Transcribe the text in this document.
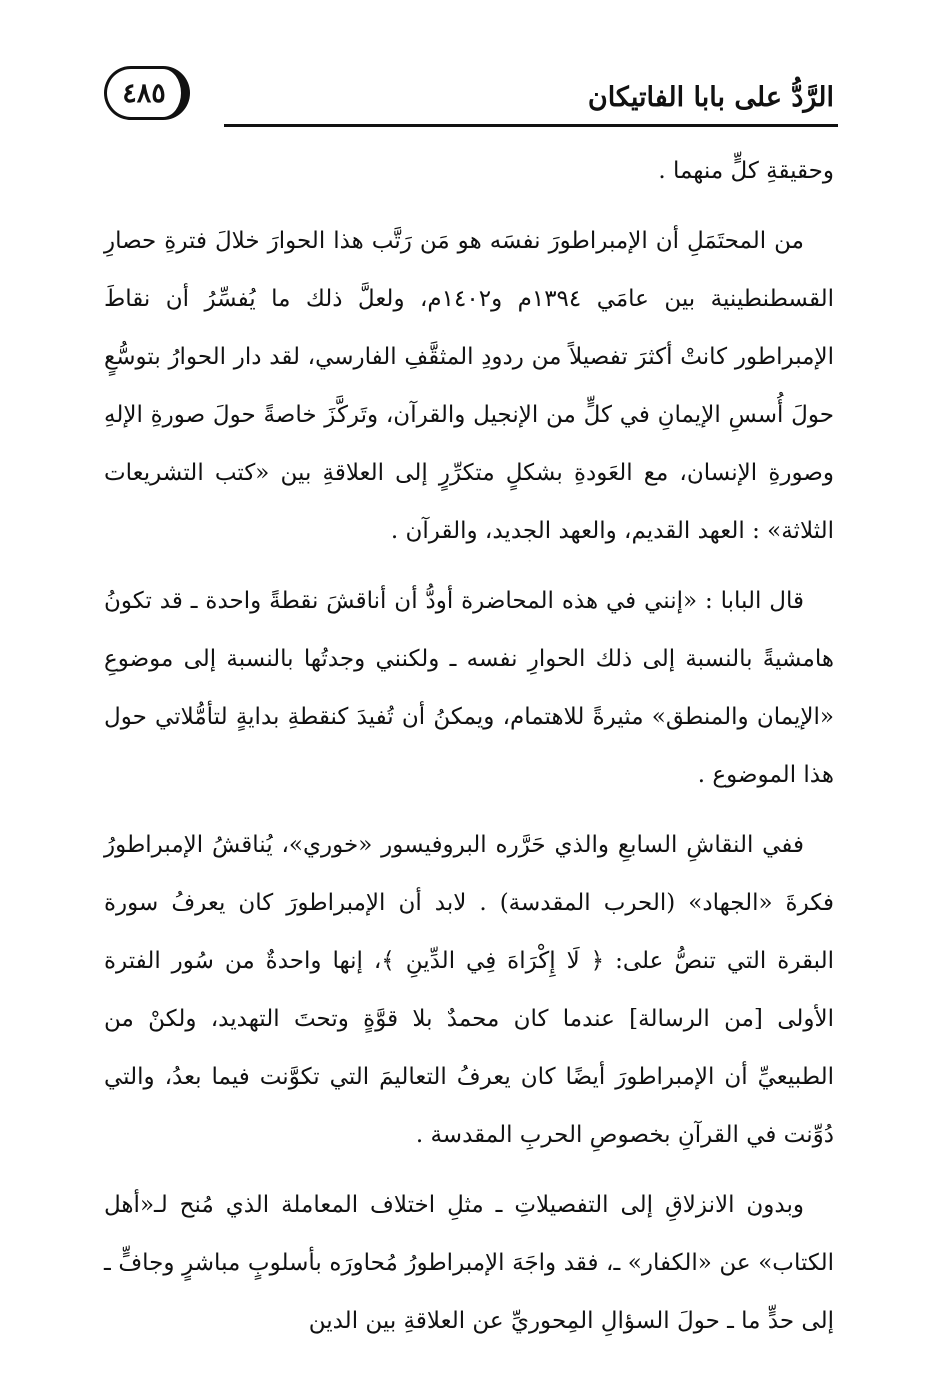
الرَّدُّ على بابا الفاتيكان
٤٨٥

وحقيقةِ كلٍّ منهما .

من المحتَمَلِ أن الإمبراطورَ نفسَه هو مَن رَتَّب هذا الحوارَ خلالَ فترةِ حصارِ القسطنطينية بين عامَي ١٣٩٤م و١٤٠٢م، ولعلَّ ذلك ما يُفسِّرُ أن نقاطَ الإمبراطور كانتْ أكثرَ تفصيلاً من ردودِ المثقَّفِ الفارسي، لقد دار الحوارُ بتوسُّعٍ حولَ أُسسِ الإيمانِ في كلٍّ من الإنجيل والقرآن، وتَركَّزَ خاصةً حولَ صورةِ الإلهِ وصورةِ الإنسان، مع العَودةِ بشكلٍ متكرِّرٍ إلى العلاقةِ بين «كتب التشريعات الثلاثة» : العهد القديم، والعهد الجديد، والقرآن .

قال البابا : «إنني في هذه المحاضرة أودُّ أن أناقشَ نقطةً واحدة ـ قد تكونُ هامشيةً بالنسبة إلى ذلك الحوارِ نفسه ـ ولكنني وجدتُها بالنسبة إلى موضوعِ «الإيمان والمنطق» مثيرةً للاهتمام، ويمكنُ أن تُفيدَ كنقطةِ بدايةٍ لتأمُّلاتي حول هذا الموضوع .

ففي النقاشِ السابعِ والذي حَرَّره البروفيسور «خوري»، يُناقشُ الإمبراطورُ فكرةَ «الجهاد» (الحرب المقدسة) . لابد أن الإمبراطورَ كان يعرفُ سورة البقرة التي تنصُّ على: ﴿ لَا إِكْرَاهَ فِي الدِّينِ ﴾، إنها واحدةٌ من سُور الفترة الأولى [من الرسالة] عندما كان محمدٌ بلا قوَّةٍ وتحتَ التهديد، ولكنْ من الطبيعيِّ أن الإمبراطورَ أيضًا كان يعرفُ التعاليمَ التي تكوَّنت فيما بعدُ، والتي دُوِّنت في القرآنِ بخصوصِ الحربِ المقدسة .

وبدون الانزلاقِ إلى التفصيلاتِ ـ مثلِ اختلاف المعاملة الذي مُنح لـ«أهل الكتاب» عن «الكفار» ـ، فقد واجَهَ الإمبراطورُ مُحاورَه بأسلوبٍ مباشرٍ وجافٍّ ـ إلى حدٍّ ما ـ حولَ السؤالِ المِحوريِّ عن العلاقةِ بين الدين
